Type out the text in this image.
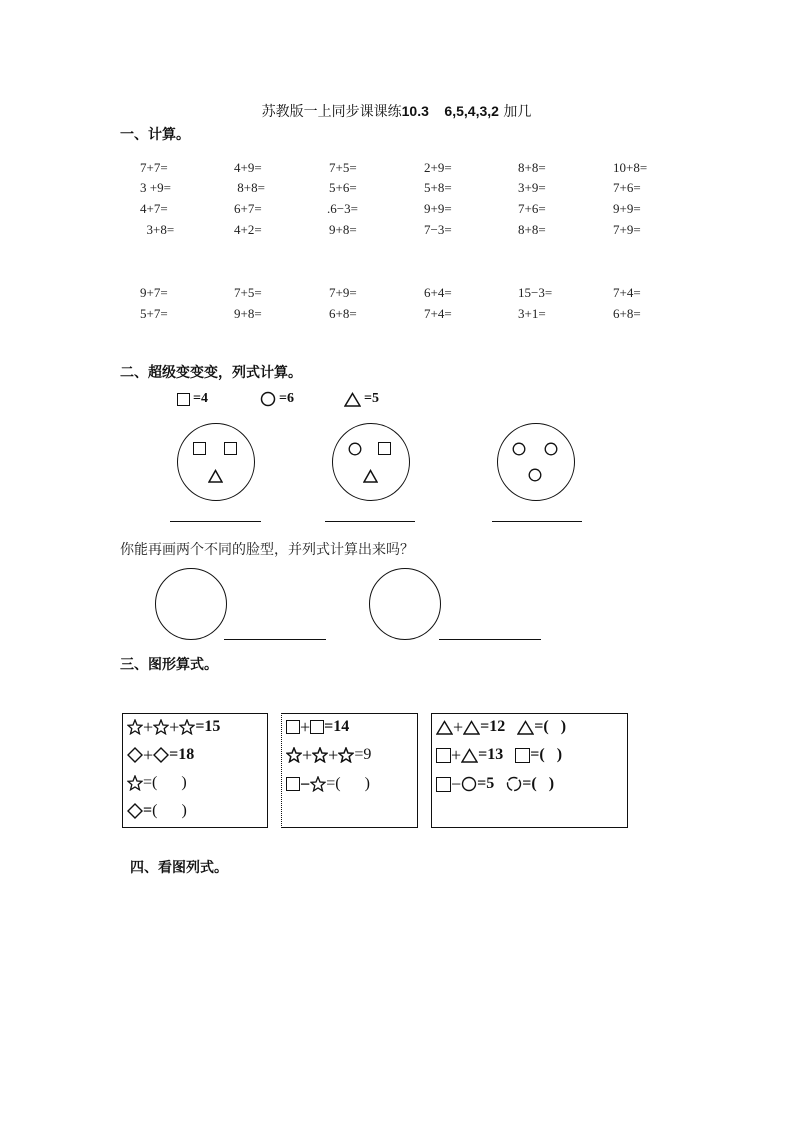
苏教版一上同步课课练10.3    6,5,4,3,2 加几
一、计算。
7+7=	4+9=	7+5=	2+9=	8+8=	10+8=
3 +9=	8+8=	5+6=	5+8=	3+9=	7+6=
4+7=	6+7=	.6−3=	9+9=	7+6=	9+9=
3+8=	4+2=	9+8=	7−3=	8+8=	7+9=
9+7=	7+5=	7+9=	6+4=	15−3=	7+4=
5+7=	9+8=	6+8=	7+4=	3+1=	6+8=
二、超级变变变，列式计算。
=4	=6	=5
你能再画两个不同的脸型，并列式计算出来吗？
三、图形算式。
+ + =15
+ =18
= (      )
= (      )
+ =14
+ + =9
− = (      )
+ =12 = (   )
+ =13 = (   )
− =5 = (   )
四、看图列式。
